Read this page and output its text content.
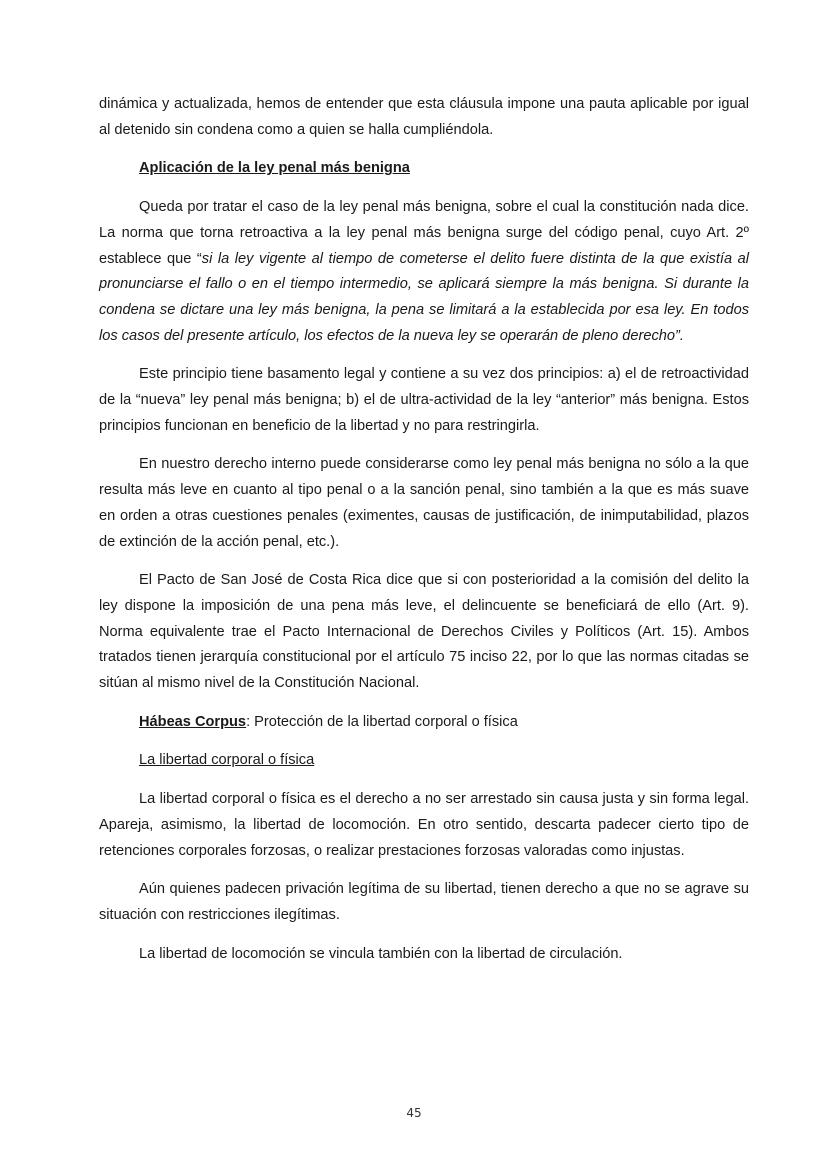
dinámica y actualizada, hemos de entender que esta cláusula impone una pauta aplicable por igual al detenido sin condena como a quien se halla cumpliéndola.

Aplicación de la ley penal más benigna

Queda por tratar el caso de la ley penal más benigna, sobre el cual la constitución nada dice. La norma que torna retroactiva a la ley penal más benigna surge del código penal, cuyo Art. 2º establece que “si la ley vigente al tiempo de cometerse el delito fuere distinta de la que existía al pronunciarse el fallo o en el tiempo intermedio, se aplicará siempre la más benigna. Si durante la condena se dictare una ley más benigna, la pena se limitará a la establecida por esa ley. En todos los casos del presente artículo, los efectos de la nueva ley se operarán de pleno derecho”.

Este principio tiene basamento legal y contiene a su vez dos principios: a) el de retroactividad de la “nueva” ley penal más benigna; b) el de ultra-actividad de la ley “anterior” más benigna. Estos principios funcionan en beneficio de la libertad y no para restringirla.

En nuestro derecho interno puede considerarse como ley penal más benigna no sólo a la que resulta más leve en cuanto al tipo penal o a la sanción penal, sino también a la que es más suave en orden a otras cuestiones penales (eximentes, causas de justificación, de inimputabilidad, plazos de extinción de la acción penal, etc.).

El Pacto de San José de Costa Rica dice que si con posterioridad a la comisión del delito la ley dispone la imposición de una pena más leve, el delincuente se beneficiará de ello (Art. 9). Norma equivalente trae el Pacto Internacional de Derechos Civiles y Políticos (Art. 15). Ambos tratados tienen jerarquía constitucional por el artículo 75 inciso 22, por lo que las normas citadas se sitúan al mismo nivel de la Constitución Nacional.

Hábeas Corpus: Protección de la libertad corporal o física
La libertad corporal o física

La libertad corporal o física es el derecho a no ser arrestado sin causa justa y sin forma legal. Apareja, asimismo, la libertad de locomoción. En otro sentido, descarta padecer cierto tipo de retenciones corporales forzosas, o realizar prestaciones forzosas valoradas como injustas.

Aún quienes padecen privación legítima de su libertad, tienen derecho a que no se agrave su situación con restricciones ilegítimas.

La libertad de locomoción se vincula también con la libertad de circulación.

45
